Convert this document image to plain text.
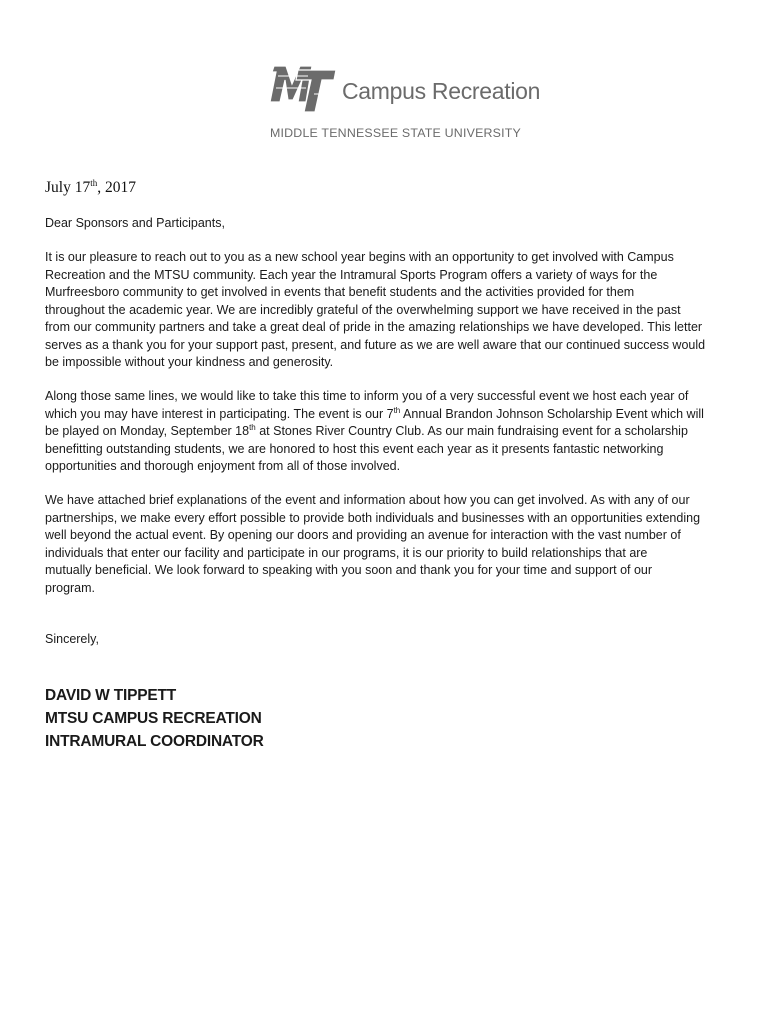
Campus Recreation
MIDDLE TENNESSEE STATE UNIVERSITY
July 17th, 2017
Dear Sponsors and Participants,
It is our pleasure to reach out to you as a new school year begins with an opportunity to get involved with Campus
Recreation and the MTSU community. Each year the Intramural Sports Program offers a variety of ways for the
Murfreesboro community to get involved in events that benefit students and the activities provided for them
throughout the academic year. We are incredibly grateful of the overwhelming support we have received in the past
from our community partners and take a great deal of pride in the amazing relationships we have developed. This letter
serves as a thank you for your support past, present, and future as we are well aware that our continued success would
be impossible without your kindness and generosity.
Along those same lines, we would like to take this time to inform you of a very successful event we host each year of
which you may have interest in participating. The event is our 7th Annual Brandon Johnson Scholarship Event which will
be played on Monday, September 18th at Stones River Country Club. As our main fundraising event for a scholarship
benefitting outstanding students, we are honored to host this event each year as it presents fantastic networking
opportunities and thorough enjoyment from all of those involved.
We have attached brief explanations of the event and information about how you can get involved. As with any of our
partnerships, we make every effort possible to provide both individuals and businesses with an opportunities extending
well beyond the actual event. By opening our doors and providing an avenue for interaction with the vast number of
individuals that enter our facility and participate in our programs, it is our priority to build relationships that are
mutually beneficial. We look forward to speaking with you soon and thank you for your time and support of our
program.
Sincerely,
DAVID W TIPPETT
MTSU CAMPUS RECREATION
INTRAMURAL COORDINATOR
